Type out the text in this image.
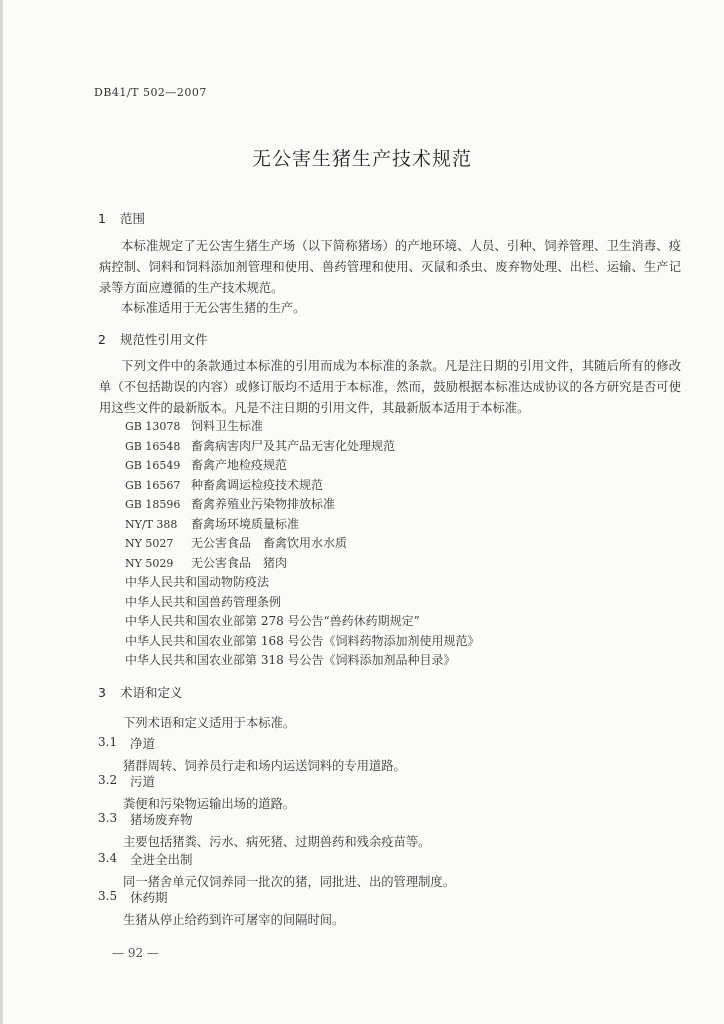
DB41/T 502—2007
无公害生猪生产技术规范
1 范围
本标准规定了无公害生猪生产场（以下简称猪场）的产地环境、人员、引种、饲养管理、卫生消毒、疫病控制、饲料和饲料添加剂管理和使用、兽药管理和使用、灭鼠和杀虫、废弃物处理、出栏、运输、生产记录等方面应遵循的生产技术规范。
本标准适用于无公害生猪的生产。
2 规范性引用文件
下列文件中的条款通过本标准的引用而成为本标准的条款。凡是注日期的引用文件，其随后所有的修改单（不包括勘误的内容）或修订版均不适用于本标准，然而，鼓励根据本标准达成协议的各方研究是否可使用这些文件的最新版本。凡是不注日期的引用文件，其最新版本适用于本标准。
GB 13078 饲料卫生标准
GB 16548 畜禽病害肉尸及其产品无害化处理规范
GB 16549 畜禽产地检疫规范
GB 16567 种畜禽调运检疫技术规范
GB 18596 畜禽养殖业污染物排放标准
NY/T 388 畜禽场环境质量标准
NY 5027 无公害食品　畜禽饮用水水质
NY 5029 无公害食品　猪肉
中华人民共和国动物防疫法
中华人民共和国兽药管理条例
中华人民共和国农业部第 278 号公告“兽药休药期规定”
中华人民共和国农业部第 168 号公告《饲料药物添加剂使用规范》
中华人民共和国农业部第 318 号公告《饲料添加剂品种目录》
3 术语和定义
下列术语和定义适用于本标准。
3.1 净道
猪群周转、饲养员行走和场内运送饲料的专用道路。
3.2 污道
粪便和污染物运输出场的道路。
3.3 猪场废弃物
主要包括猪粪、污水、病死猪、过期兽药和残余疫苗等。
3.4 全进全出制
同一猪舍单元仅饲养同一批次的猪，同批进、出的管理制度。
3.5 休药期
生猪从停止给药到许可屠宰的间隔时间。
— 92 —
